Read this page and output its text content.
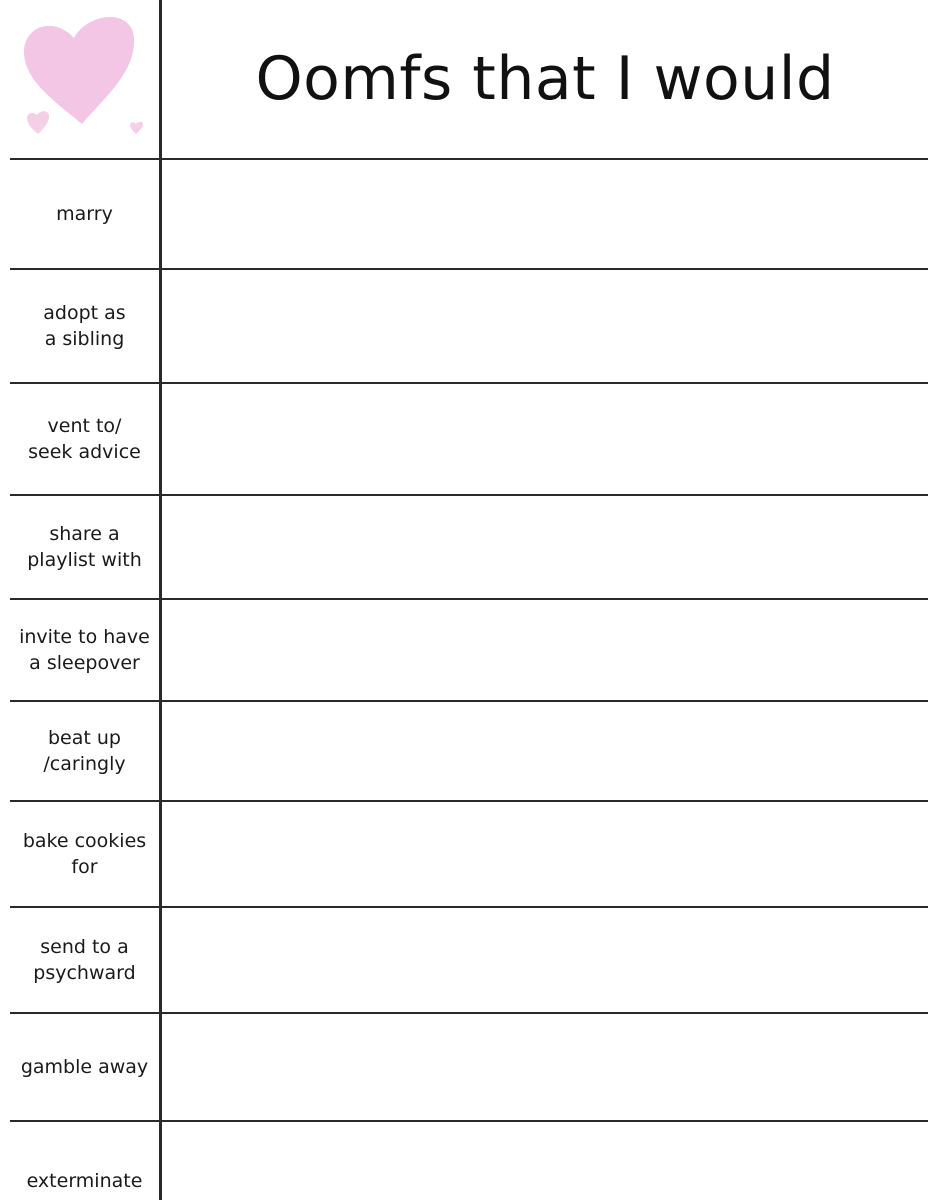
Oomfs that I would
marry
adopt as
a sibling
vent to/
seek advice
share a
playlist with
invite to have
a sleepover
beat up
/caringly
bake cookies
for
send to a
psychward
gamble away
exterminate
